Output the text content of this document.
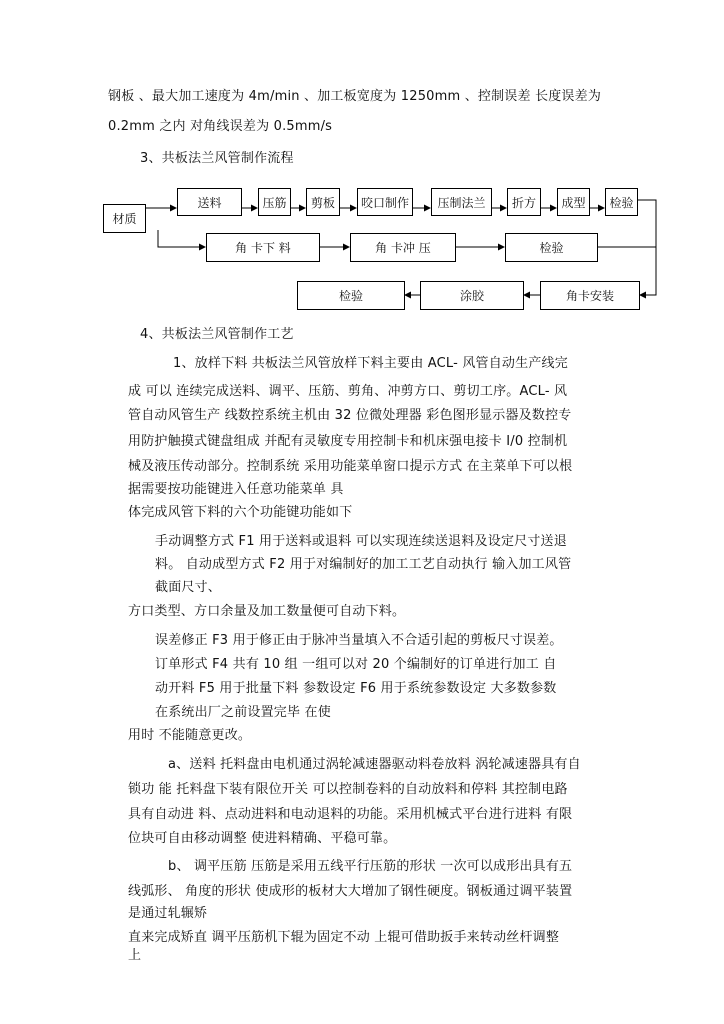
钢板 、最大加工速度为 4m/min 、加工板宽度为 1250mm 、控制误差 长度误差为
0.2mm 之内 对角线误差为 0.5mm/s
3、共板法兰风管制作流程
材质
送料	压筋	剪板	咬口制作	压制法兰	折方	成型	检验
角 卡下 料	角 卡冲 压	检验
检验	涂胶	角卡安装
4、共板法兰风管制作工艺
1、放样下料 共板法兰风管放样下料主要由 ACL- 风管自动生产线完
成 可以 连续完成送料、调平、压筋、剪角、冲剪方口、剪切工序。ACL- 风
管自动风管生产 线数控系统主机由 32 位微处理器 彩色图形显示器及数控专
用防护触摸式键盘组成 并配有灵敏度专用控制卡和机床强电接卡 I/0 控制机
械及液压传动部分。控制系统 采用功能菜单窗口提示方式 在主菜单下可以根
据需要按功能键进入任意功能菜单 具
体完成风管下料的六个功能键功能如下
手动调整方式 F1 用于送料或退料 可以实现连续送退料及设定尺寸送退
料。 自动成型方式 F2 用于对编制好的加工工艺自动执行 输入加工风管
截面尺寸、
方口类型、方口余量及加工数量便可自动下料。
误差修正 F3 用于修正由于脉冲当量填入不合适引起的剪板尺寸误差。
订单形式 F4 共有 10 组 一组可以对 20 个编制好的订单进行加工 自
动开料 F5 用于批量下料 参数设定 F6 用于系统参数设定 大多数参数
在系统出厂之前设置完毕 在使
用时 不能随意更改。
a、送料 托料盘由电机通过涡轮减速器驱动料卷放料 涡轮减速器具有自
锁功 能 托料盘下装有限位开关 可以控制卷料的自动放料和停料 其控制电路
具有自动进 料、点动进料和电动退料的功能。采用机械式平台进行进料 有限
位块可自由移动调整 使进料精确、平稳可靠。
b、 调平压筋 压筋是采用五线平行压筋的形状 一次可以成形出具有五
线弧形、 角度的形状 使成形的板材大大增加了钢性硬度。钢板通过调平装置
是通过轧辗矫
直来完成矫直 调平压筋机下辊为固定不动 上辊可借助扳手来转动丝杆调整
上
